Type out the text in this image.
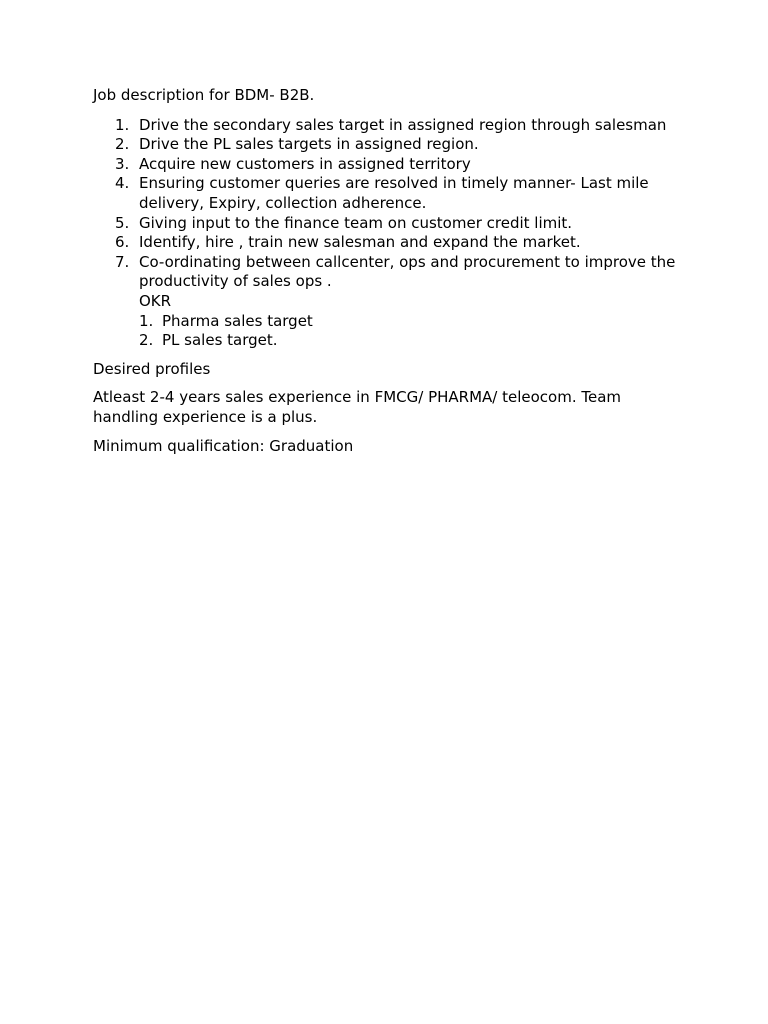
Job description for BDM- B2B.

1. Drive the secondary sales target in assigned region through salesman
2. Drive the PL sales targets in assigned region.
3. Acquire new customers in assigned territory
4. Ensuring customer queries are resolved in timely manner- Last mile delivery, Expiry, collection adherence.
5. Giving input to the finance team on customer credit limit.
6. Identify, hire , train new salesman and expand the market.
7. Co-ordinating between callcenter, ops and procurement to improve the productivity of sales ops .
OKR
1. Pharma sales target
2. PL sales target.

Desired profiles

Atleast 2-4 years sales experience in FMCG/ PHARMA/ teleocom. Team handling experience is a plus.

Minimum qualification: Graduation
